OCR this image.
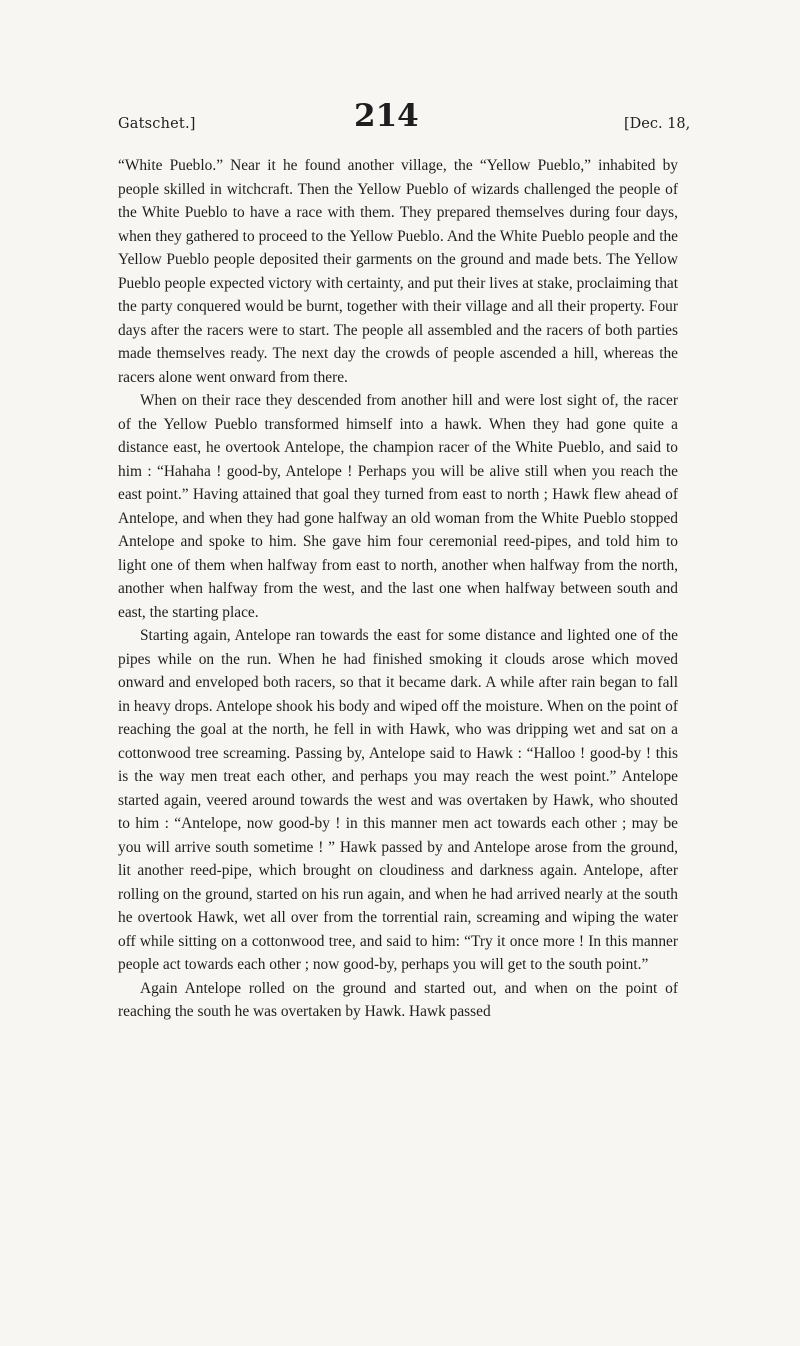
Gatschet.]	214	[Dec. 18,

“White Pueblo.” Near it he found another village, the “Yellow Pueblo,” inhabited by people skilled in witchcraft. Then the Yellow Pueblo of wizards challenged the people of the White Pueblo to have a race with them. They prepared themselves during four days, when they gathered to proceed to the Yellow Pueblo. And the White Pueblo people and the Yellow Pueblo people deposited their garments on the ground and made bets. The Yellow Pueblo people expected victory with certainty, and put their lives at stake, proclaiming that the party conquered would be burnt, together with their village and all their property. Four days after the racers were to start. The people all assembled and the racers of both parties made themselves ready. The next day the crowds of people ascended a hill, whereas the racers alone went onward from there.

When on their race they descended from another hill and were lost sight of, the racer of the Yellow Pueblo transformed himself into a hawk. When they had gone quite a distance east, he overtook Antelope, the champion racer of the White Pueblo, and said to him : “Hahaha ! good-by, Antelope ! Perhaps you will be alive still when you reach the east point.” Having attained that goal they turned from east to north ; Hawk flew ahead of Antelope, and when they had gone halfway an old woman from the White Pueblo stopped Antelope and spoke to him. She gave him four ceremonial reed-pipes, and told him to light one of them when halfway from east to north, another when halfway from the north, another when halfway from the west, and the last one when halfway between south and east, the starting place.

Starting again, Antelope ran towards the east for some distance and lighted one of the pipes while on the run. When he had finished smoking it clouds arose which moved onward and enveloped both racers, so that it became dark. A while after rain began to fall in heavy drops. Antelope shook his body and wiped off the moisture. When on the point of reaching the goal at the north, he fell in with Hawk, who was dripping wet and sat on a cottonwood tree screaming. Passing by, Antelope said to Hawk : “Halloo ! good-by ! this is the way men treat each other, and perhaps you may reach the west point.” Antelope started again, veered around towards the west and was overtaken by Hawk, who shouted to him : “Antelope, now good-by ! in this manner men act towards each other ; may be you will arrive south sometime ! ” Hawk passed by and Antelope arose from the ground, lit another reed-pipe, which brought on cloudiness and darkness again. Antelope, after rolling on the ground, started on his run again, and when he had arrived nearly at the south he overtook Hawk, wet all over from the torrential rain, screaming and wiping the water off while sitting on a cottonwood tree, and said to him: “Try it once more ! In this manner people act towards each other ; now good-by, perhaps you will get to the south point.”

Again Antelope rolled on the ground and started out, and when on the point of reaching the south he was overtaken by Hawk. Hawk passed
